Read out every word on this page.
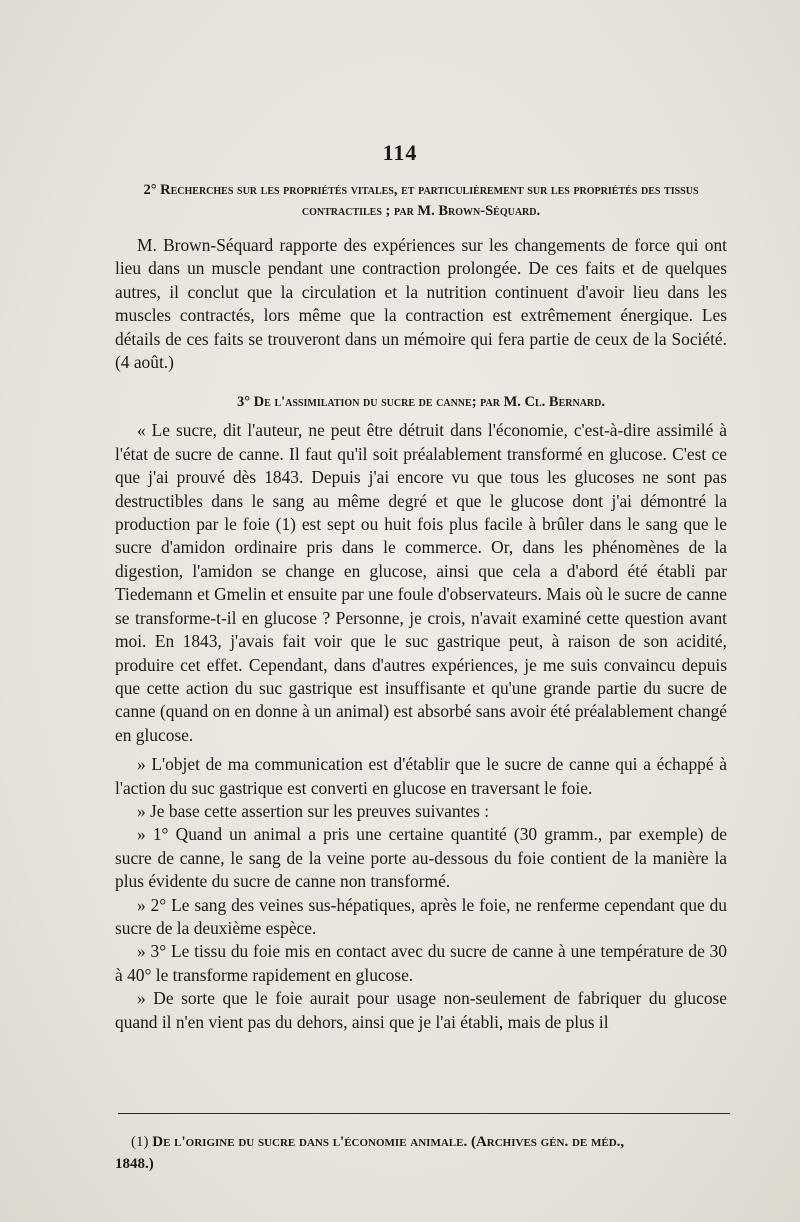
114
2° Recherches sur les propriétés vitales, et particulièrement sur les propriétés des tissus contractiles ; par M. Brown-Séquard.

M. Brown-Séquard rapporte des expériences sur les changements de force qui ont lieu dans un muscle pendant une contraction prolongée. De ces faits et de quelques autres, il conclut que la circulation et la nutrition continuent d'avoir lieu dans les muscles contractés, lors même que la contraction est extrêmement énergique. Les détails de ces faits se trouveront dans un mémoire qui fera partie de ceux de la Société. (4 août.)

3° De l'assimilation du sucre de canne; par M. Cl. Bernard.

« Le sucre, dit l'auteur, ne peut être détruit dans l'économie, c'est-à-dire assimilé à l'état de sucre de canne. Il faut qu'il soit préalablement transformé en glucose. C'est ce que j'ai prouvé dès 1843. Depuis j'ai encore vu que tous les glucoses ne sont pas destructibles dans le sang au même degré et que le glucose dont j'ai démontré la production par le foie (1) est sept ou huit fois plus facile à brûler dans le sang que le sucre d'amidon ordinaire pris dans le commerce. Or, dans les phénomènes de la digestion, l'amidon se change en glucose, ainsi que cela a d'abord été établi par Tiedemann et Gmelin et ensuite par une foule d'observateurs. Mais où le sucre de canne se transforme-t-il en glucose ? Personne, je crois, n'avait examiné cette question avant moi. En 1843, j'avais fait voir que le suc gastrique peut, à raison de son acidité, produire cet effet. Cependant, dans d'autres expériences, je me suis convaincu depuis que cette action du suc gastrique est insuffisante et qu'une grande partie du sucre de canne (quand on en donne à un animal) est absorbé sans avoir été préalablement changé en glucose.

» L'objet de ma communication est d'établir que le sucre de canne qui a échappé à l'action du suc gastrique est converti en glucose en traversant le foie.

» Je base cette assertion sur les preuves suivantes :

» 1° Quand un animal a pris une certaine quantité (30 gramm., par exemple) de sucre de canne, le sang de la veine porte au-dessous du foie contient de la manière la plus évidente du sucre de canne non transformé.

» 2° Le sang des veines sus-hépatiques, après le foie, ne renferme cependant que du sucre de la deuxième espèce.

» 3° Le tissu du foie mis en contact avec du sucre de canne à une température de 30 à 40° le transforme rapidement en glucose.

» De sorte que le foie aurait pour usage non-seulement de fabriquer du glucose quand il n'en vient pas du dehors, ainsi que je l'ai établi, mais de plus il

(1) De l'origine du sucre dans l'économie animale. (Archives gén. de méd.,

1848.)
